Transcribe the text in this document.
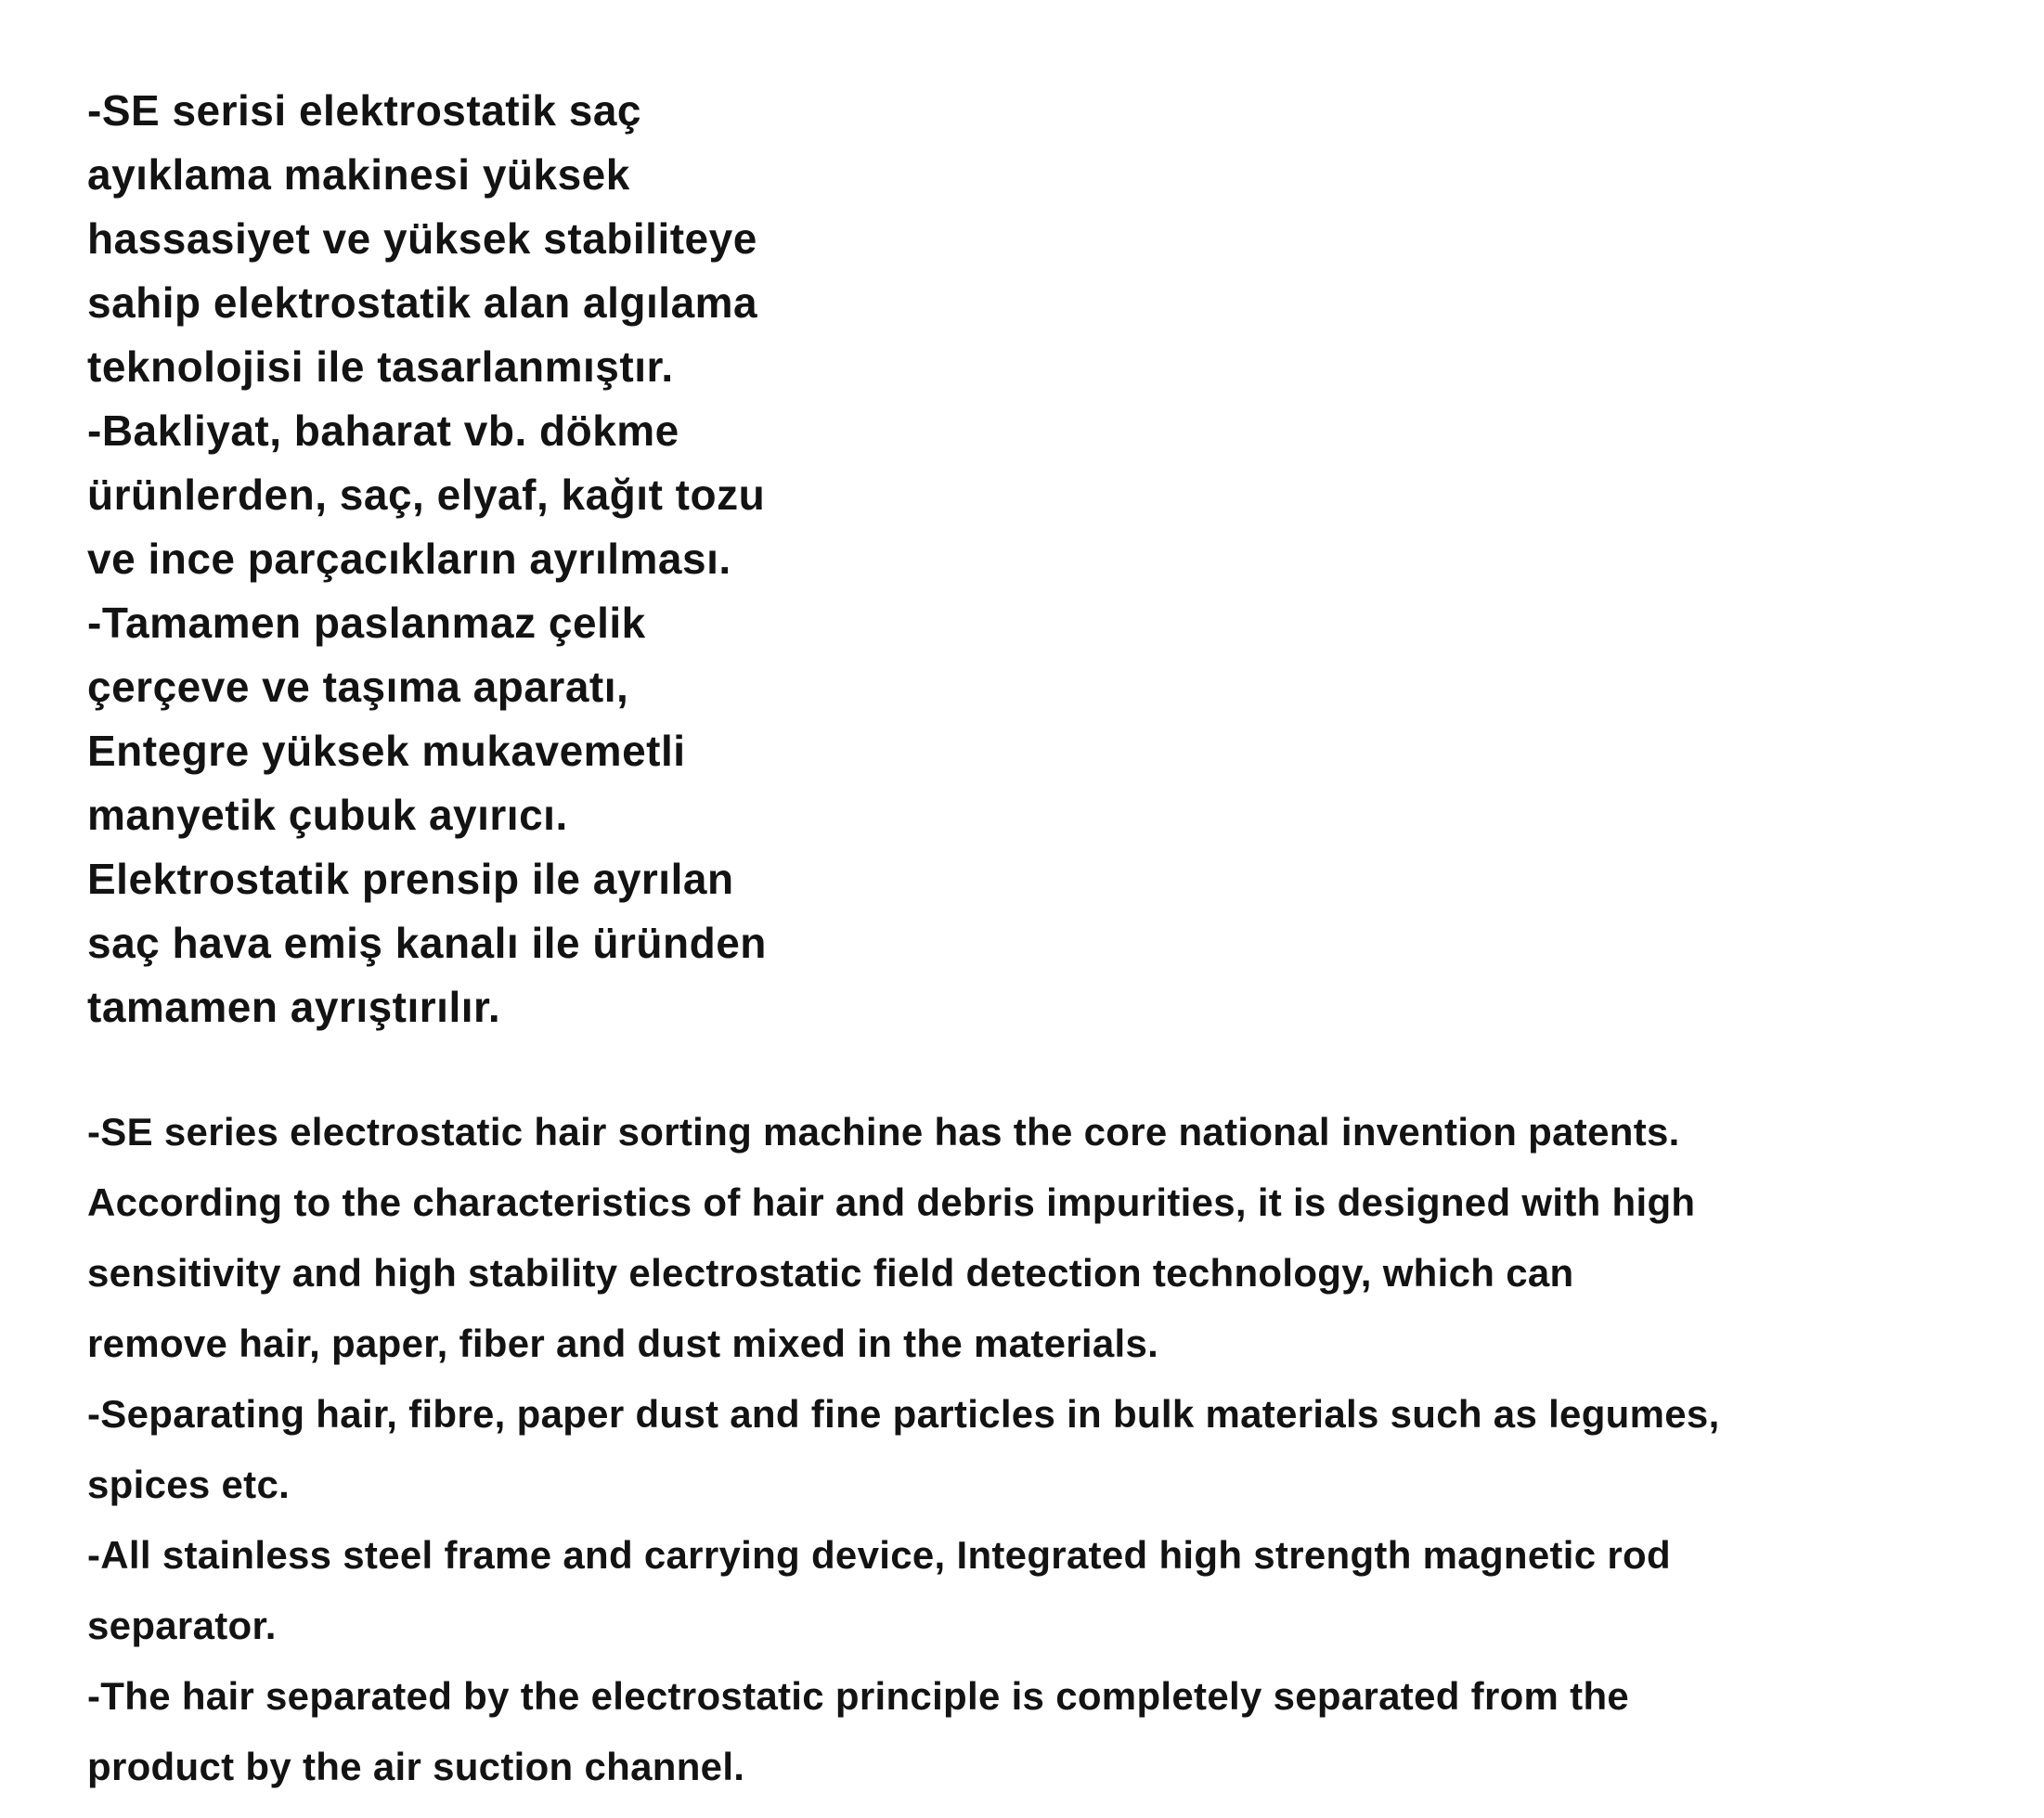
-SE serisi elektrostatik saç
ayıklama makinesi yüksek
hassasiyet ve yüksek stabiliteye
sahip elektrostatik alan algılama
teknolojisi ile tasarlanmıştır.
-Bakliyat, baharat vb. dökme
ürünlerden, saç, elyaf, kağıt tozu
ve ince parçacıkların ayrılması.
-Tamamen paslanmaz çelik
çerçeve ve taşıma aparatı,
Entegre yüksek mukavemetli
manyetik çubuk ayırıcı.
Elektrostatik prensip ile ayrılan
saç hava emiş kanalı ile üründen
tamamen ayrıştırılır.
-SE series electrostatic hair sorting machine has the core national invention patents.
According to the characteristics of hair and debris impurities, it is designed with high
sensitivity and high stability electrostatic field detection technology, which can
remove hair, paper, fiber and dust mixed in the materials.
-Separating hair, fibre, paper dust and fine particles in bulk materials such as legumes,
spices etc.
-All stainless steel frame and carrying device, Integrated high strength magnetic rod
separator.
-The hair separated by the electrostatic principle is completely separated from the
product by the air suction channel.
